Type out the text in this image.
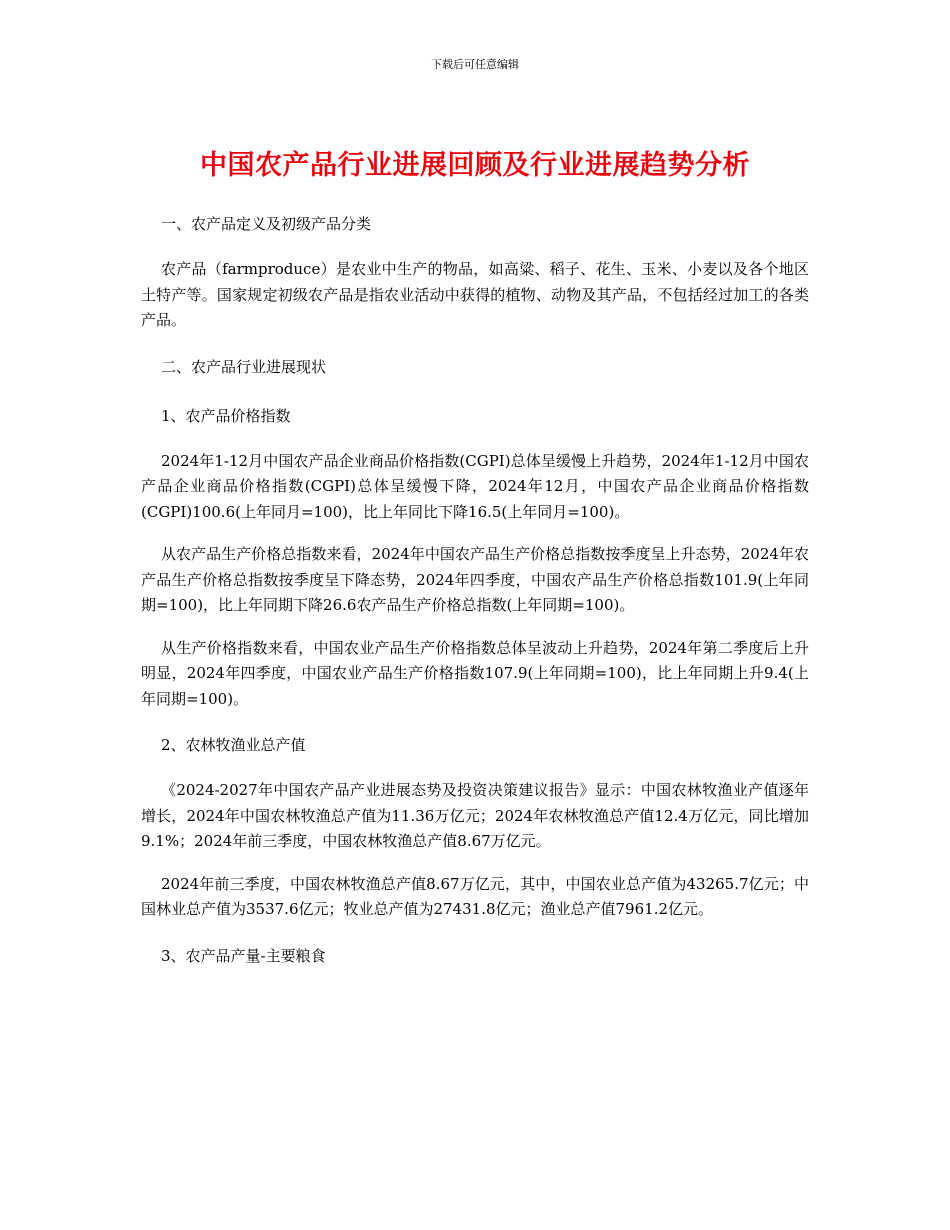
下载后可任意编辑
中国农产品行业进展回顾及行业进展趋势分析
一、农产品定义及初级产品分类

农产品（farmproduce）是农业中生产的物品，如高粱、稻子、花生、玉米、小麦以及各个地区土特产等。国家规定初级农产品是指农业活动中获得的植物、动物及其产品，不包括经过加工的各类产品。

二、农产品行业进展现状
1、农产品价格指数

2024年1-12月中国农产品企业商品价格指数(CGPI)总体呈缓慢上升趋势，2024年1-12月中国农产品企业商品价格指数(CGPI)总体呈缓慢下降，2024年12月，中国农产品企业商品价格指数(CGPI)100.6(上年同月=100)，比上年同比下降16.5(上年同月=100)。

从农产品生产价格总指数来看，2024年中国农产品生产价格总指数按季度呈上升态势，2024年农产品生产价格总指数按季度呈下降态势，2024年四季度，中国农产品生产价格总指数101.9(上年同期=100)，比上年同期下降26.6农产品生产价格总指数(上年同期=100)。

从生产价格指数来看，中国农业产品生产价格指数总体呈波动上升趋势，2024年第二季度后上升明显，2024年四季度，中国农业产品生产价格指数107.9(上年同期=100)，比上年同期上升9.4(上年同期=100)。

2、农林牧渔业总产值

《2024-2027年中国农产品产业进展态势及投资决策建议报告》显示：中国农林牧渔业产值逐年增长，2024年中国农林牧渔总产值为11.36万亿元；2024年农林牧渔总产值12.4万亿元，同比增加9.1%；2024年前三季度，中国农林牧渔总产值8.67万亿元。

2024年前三季度，中国农林牧渔总产值8.67万亿元，其中，中国农业总产值为43265.7亿元；中国林业总产值为3537.6亿元；牧业总产值为27431.8亿元；渔业总产值7961.2亿元。

3、农产品产量-主要粮食
